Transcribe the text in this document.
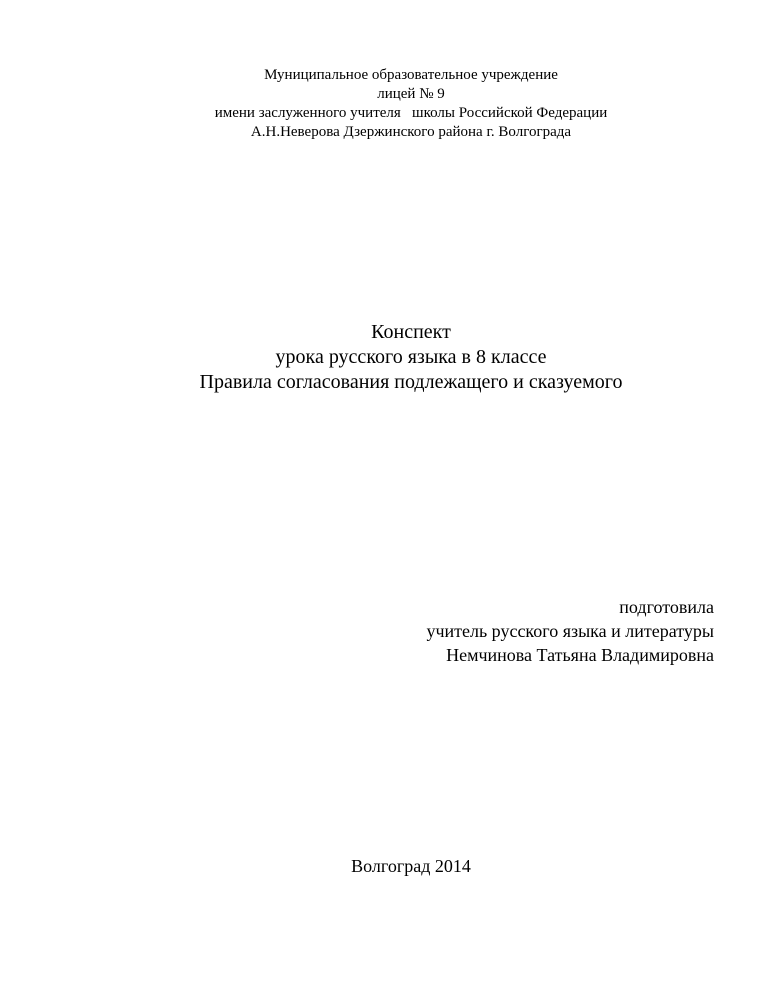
Муниципальное образовательное учреждение
лицей № 9
имени заслуженного учителя   школы Российской Федерации
А.Н.Неверова Дзержинского района г. Волгограда
Конспект
урока русского языка в 8 классе
Правила согласования подлежащего и сказуемого
подготовила
учитель русского языка и литературы
Немчинова Татьяна Владимировна
Волгоград 2014
